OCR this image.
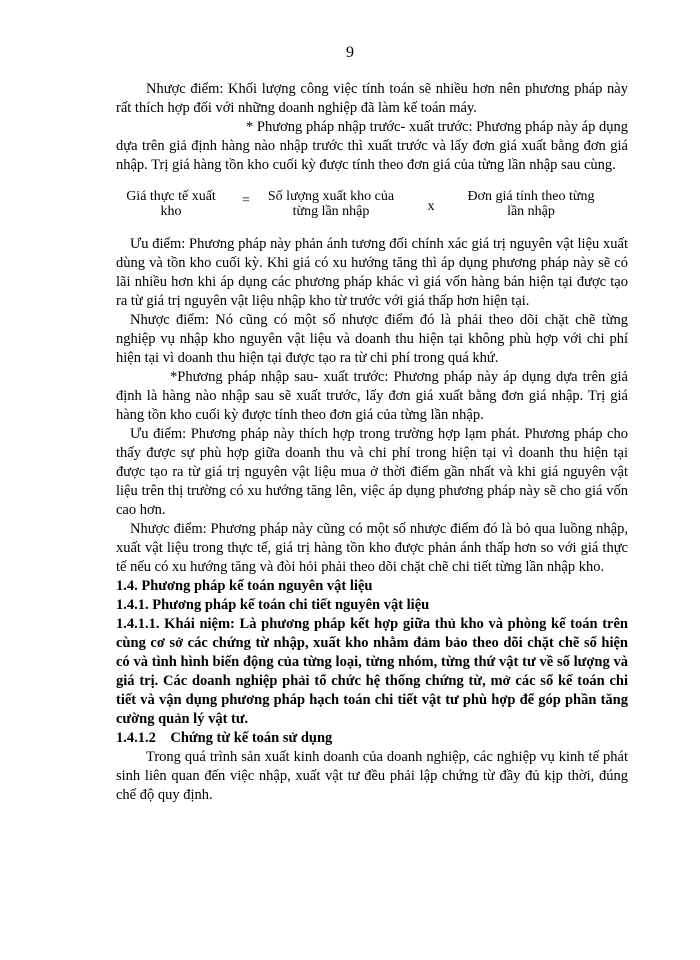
9

Nhược điểm: Khối lượng công việc tính toán sẽ nhiều hơn nên phương pháp này rất thích hợp đối với những doanh nghiệp đã làm kế toán máy.

* Phương pháp nhập trước- xuất trước: Phương pháp này áp dụng dựa trên giả định hàng nào nhập trước thì xuất trước và lấy đơn giá xuất bằng đơn giá nhập. Trị giá hàng tồn kho cuối kỳ được tính theo đơn giá của từng lần nhập sau cùng.

Giá thực tế xuất kho
=	Số lượng xuất kho của từng lần nhập	x
Đơn giá tính theo từng lần nhập

Ưu điểm: Phương pháp này phản ánh tương đối chính xác giá trị nguyên vật liệu xuất dùng và tồn kho cuối kỳ. Khi giá có xu hướng tăng thì áp dụng phương pháp này sẽ có lãi nhiều hơn khi áp dụng các phương pháp khác vì giá vốn hàng bán hiện tại được tạo ra từ giá trị nguyên vật liệu nhập kho từ trước với giá thấp hơn hiện tại.

Nhược điểm: Nó cũng có một số nhược điểm đó là phải theo dõi chặt chẽ từng nghiệp vụ nhập kho nguyên vật liệu và doanh thu hiện tại không phù hợp với chi phí hiện tại vì doanh thu hiện tại được tạo ra từ chi phí trong quá khứ.

*Phương pháp nhập sau- xuất trước: Phương pháp này áp dụng dựa trên giả định là hàng nào nhập sau sẽ xuất trước, lấy đơn giá xuất bằng đơn giá nhập. Trị giá hàng tồn kho cuối kỳ được tính theo đơn giá của từng lần nhập.

Ưu điểm: Phương pháp này thích hợp trong trường hợp lạm phát. Phương pháp cho thấy được sự phù hợp giữa doanh thu và chi phí trong hiện tại vì doanh thu hiện tại được tạo ra từ giá trị nguyên vật liệu mua ở thời điểm gần nhất và khi giá nguyên vật liệu trên thị trường có xu hướng tăng lên, việc áp dụng phương pháp này sẽ cho giá vốn cao hơn.

Nhược điểm: Phương pháp này cũng có một số nhược điểm đó là bỏ qua luồng nhập, xuất vật liệu trong thực tế, giá trị hàng tồn kho được phản ánh thấp hơn so với giá thực tế nếu có xu hướng tăng và đòi hỏi phải theo dõi chặt chẽ chi tiết từng lần nhập kho.

1.4. Phương pháp kế toán nguyên vật liệu

1.4.1. Phương pháp kế toán chi tiết nguyên vật liệu

1.4.1.1. Khái niệm: Là phương pháp kết hợp giữa thủ kho và phòng kế toán trên cùng cơ sở các chứng từ nhập, xuất kho nhằm đảm bảo theo dõi chặt chẽ số hiện có và tình hình biến động của từng loại, từng nhóm, từng thứ vật tư về số lượng và giá trị. Các doanh nghiệp phải tổ chức hệ thống chứng từ, mở các sổ kế toán chi tiết và vận dụng phương pháp hạch toán chi tiết vật tư phù hợp để góp phần tăng cường quản lý vật tư.

1.4.1.2 Chứng từ kế toán sử dụng

Trong quá trình sản xuất kinh doanh của doanh nghiệp, các nghiệp vụ kinh tế phát sinh liên quan đến việc nhập, xuất vật tư đều phải lập chứng từ đầy đủ kịp thời, đúng chế độ quy định.
